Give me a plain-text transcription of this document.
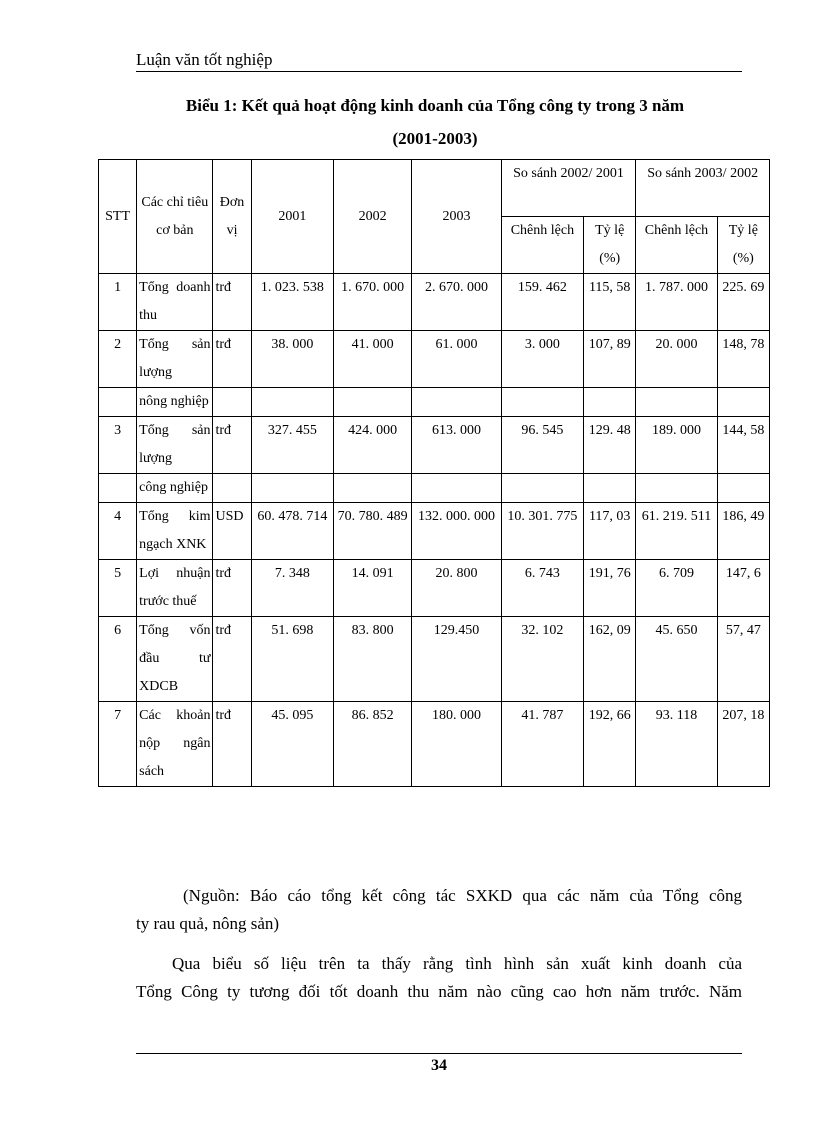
Luận văn tốt nghiệp
Biểu 1: Kết quả hoạt động kinh doanh của Tổng công ty trong 3 năm
(2001-2003)
STT	Các chỉ tiêu cơ bản	Đơn vị	2001	2002	2003	So sánh 2002/ 2001		So sánh 2003/ 2002	
						Chênh lệch	Tỷ lệ (%)	Chênh lệch	Tỷ lệ (%)
1	Tổng doanh thu	trđ	1. 023. 538	1. 670. 000	2. 670. 000	159. 462	115, 58	1. 787. 000	225. 69
2	Tổng sản lượng	trđ	38. 000	41. 000	61. 000	3. 000	107, 89	20. 000	148, 78
	nông nghiệp								
3	Tổng sản lượng	trđ	327. 455	424. 000	613. 000	96. 545	129. 48	189. 000	144, 58
	công nghiệp								
4	Tổng kim ngạch XNK	USD	60. 478. 714	70. 780. 489	132. 000. 000	10. 301. 775	117, 03	61. 219. 511	186, 49
5	Lợi nhuận trước thuế	trđ	7. 348	14. 091	20. 800	6. 743	191, 76	6. 709	147, 6
6	Tổng vốn đầu tư XDCB	trđ	51. 698	83. 800	129.450	32. 102	162, 09	45. 650	57, 47
7	Các khoản nộp ngân sách	trđ	45. 095	86. 852	180. 000	41. 787	192, 66	93. 118	207, 18
(Nguồn: Báo cáo tổng kết công tác SXKD qua các năm của Tổng công
ty rau quả, nông sản)
Qua biểu số liệu trên ta thấy rằng tình hình sản xuất kinh doanh của
Tổng Công ty tương đối tốt doanh thu năm nào cũng cao hơn năm trước. Năm
34
